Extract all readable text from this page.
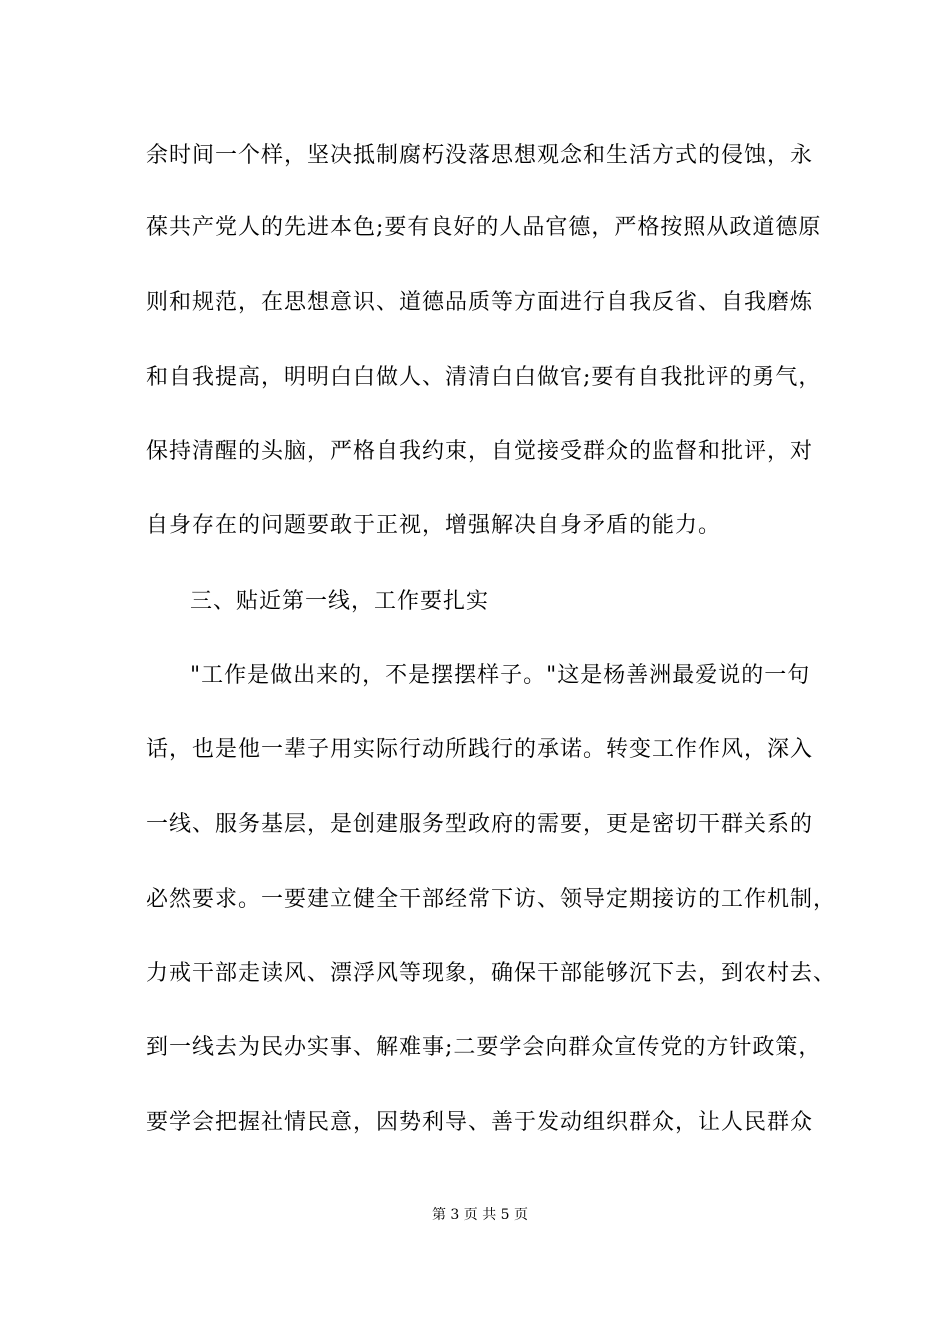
余时间一个样，坚决抵制腐朽没落思想观念和生活方式的侵蚀，永
葆共产党人的先进本色;要有良好的人品官德，严格按照从政道德原
则和规范，在思想意识、道德品质等方面进行自我反省、自我磨炼
和自我提高，明明白白做人、清清白白做官;要有自我批评的勇气，
保持清醒的头脑，严格自我约束，自觉接受群众的监督和批评，对
自身存在的问题要敢于正视，增强解决自身矛盾的能力。
三、贴近第一线，工作要扎实
"工作是做出来的，不是摆摆样子。"这是杨善洲最爱说的一句
话，也是他一辈子用实际行动所践行的承诺。转变工作作风，深入
一线、服务基层，是创建服务型政府的需要，更是密切干群关系的
必然要求。一要建立健全干部经常下访、领导定期接访的工作机制，
力戒干部走读风、漂浮风等现象，确保干部能够沉下去，到农村去、
到一线去为民办实事、解难事;二要学会向群众宣传党的方针政策，
要学会把握社情民意，因势利导、善于发动组织群众，让人民群众
第 3 页 共 5 页
